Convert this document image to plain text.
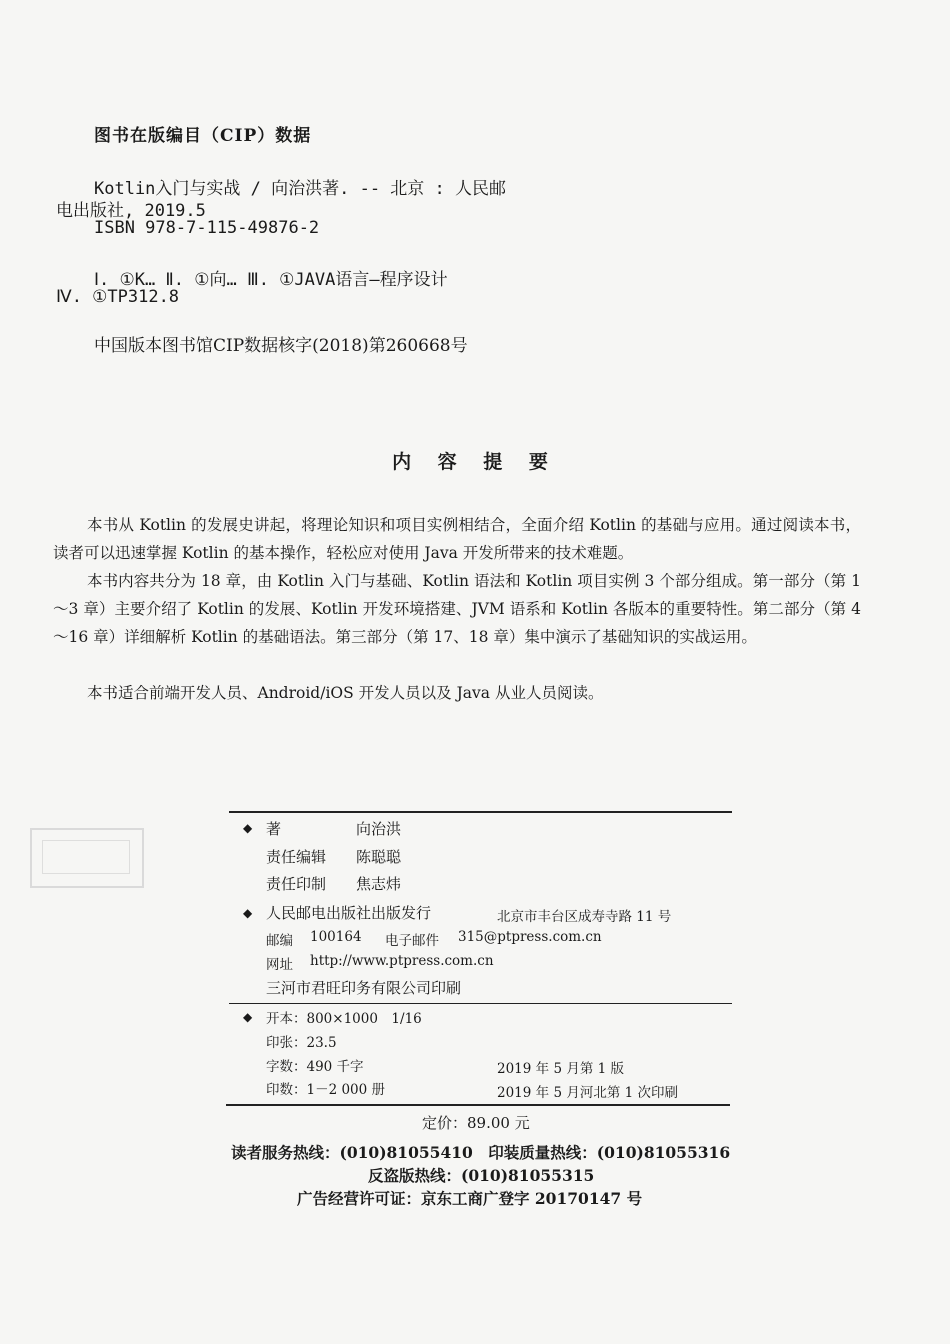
图书在版编目（CIP）数据
Kotlin入门与实战 / 向治洪著. -- 北京 : 人民邮
电出版社, 2019.5
ISBN 978-7-115-49876-2
Ⅰ. ①K… Ⅱ. ①向… Ⅲ. ①JAVA语言—程序设计
Ⅳ. ①TP312.8
中国版本图书馆CIP数据核字(2018)第260668号
内 容 提 要
本书从 Kotlin 的发展史讲起，将理论知识和项目实例相结合，全面介绍 Kotlin 的基础与应用。通过阅读本书，读者可以迅速掌握 Kotlin 的基本操作，轻松应对使用 Java 开发所带来的技术难题。
本书内容共分为 18 章，由 Kotlin 入门与基础、Kotlin 语法和 Kotlin 项目实例 3 个部分组成。第一部分（第 1～3 章）主要介绍了 Kotlin 的发展、Kotlin 开发环境搭建、JVM 语系和 Kotlin 各版本的重要特性。第二部分（第 4～16 章）详细解析 Kotlin 的基础语法。第三部分（第 17、18 章）集中演示了基础知识的实战运用。
本书适合前端开发人员、Android/iOS 开发人员以及 Java 从业人员阅读。
◆ 著	向治洪
责任编辑 陈聪聪
责任印制 焦志炜
◆ 人民邮电出版社出版发行	北京市丰台区成寿寺路 11 号
邮编 100164 电子邮件 315@ptpress.com.cn
网址 http://www.ptpress.com.cn
三河市君旺印务有限公司印刷
◆ 开本：800×1000　1/16
印张：23.5
字数：490 千字	2019 年 5 月第 1 版
印数：1－2 000 册	2019 年 5 月河北第 1 次印刷
定价：89.00 元
读者服务热线：(010)81055410　印装质量热线：(010)81055316
反盗版热线：(010)81055315
广告经营许可证：京东工商广登字 20170147 号
